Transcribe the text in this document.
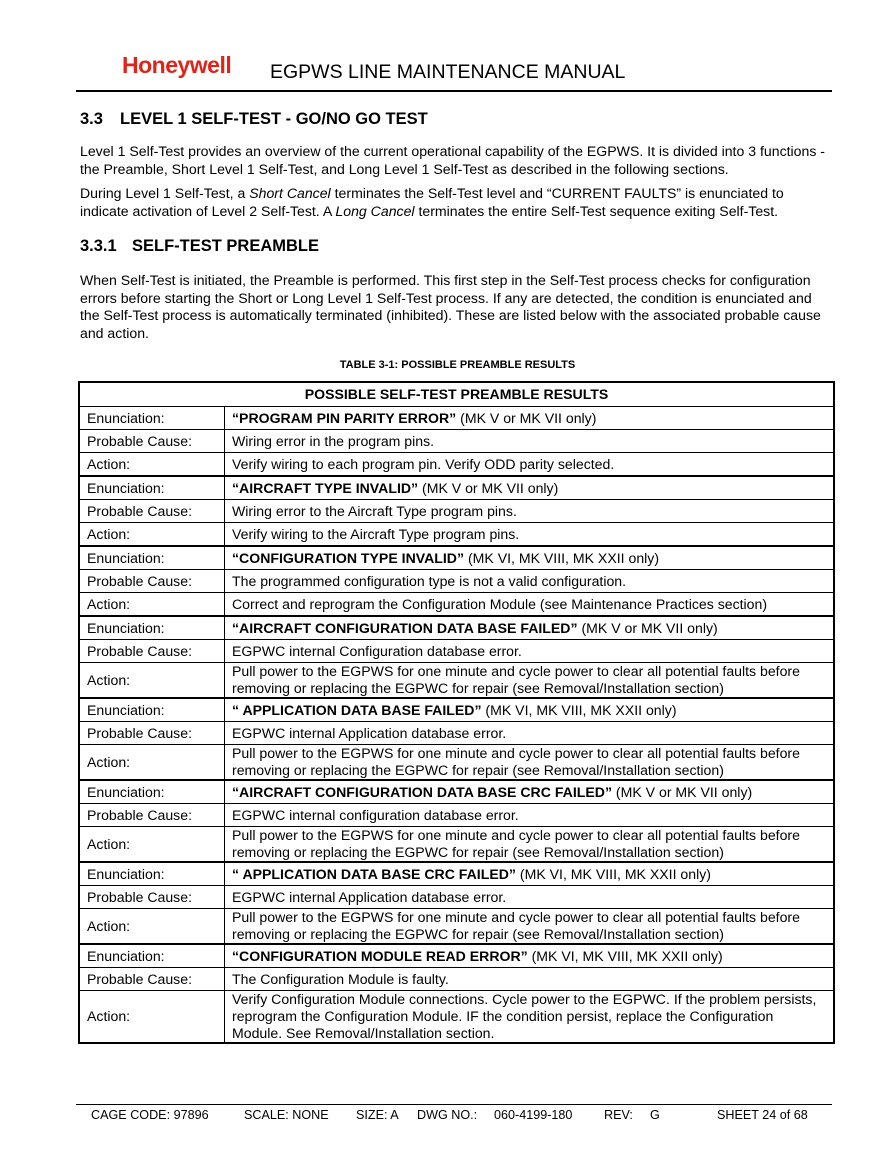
Honeywell EGPWS LINE MAINTENANCE MANUAL
3.3 LEVEL 1 SELF-TEST - GO/NO GO TEST

Level 1 Self-Test provides an overview of the current operational capability of the EGPWS. It is divided into 3 functions - the Preamble, Short Level 1 Self-Test, and Long Level 1 Self-Test as described in the following sections.

During Level 1 Self-Test, a Short Cancel terminates the Self-Test level and “CURRENT FAULTS” is enunciated to indicate activation of Level 2 Self-Test. A Long Cancel terminates the entire Self-Test sequence exiting Self-Test.

3.3.1 SELF-TEST PREAMBLE

When Self-Test is initiated, the Preamble is performed. This first step in the Self-Test process checks for configuration errors before starting the Short or Long Level 1 Self-Test process. If any are detected, the condition is enunciated and the Self-Test process is automatically terminated (inhibited). These are listed below with the associated probable cause and action.

TABLE 3-1: POSSIBLE PREAMBLE RESULTS
POSSIBLE SELF-TEST PREAMBLE RESULTS	
Enunciation:	“PROGRAM PIN PARITY ERROR” (MK V or MK VII only)
Probable Cause:	Wiring error in the program pins.
Action:	Verify wiring to each program pin. Verify ODD parity selected.
Enunciation:	“AIRCRAFT TYPE INVALID” (MK V or MK VII only)
Probable Cause:	Wiring error to the Aircraft Type program pins.
Action:	Verify wiring to the Aircraft Type program pins.
Enunciation:	“CONFIGURATION TYPE INVALID” (MK VI, MK VIII, MK XXII only)
Probable Cause:	The programmed configuration type is not a valid configuration.
Action:	Correct and reprogram the Configuration Module (see Maintenance Practices section)
Enunciation:	“AIRCRAFT CONFIGURATION DATA BASE FAILED” (MK V or MK VII only)
Probable Cause:	EGPWC internal Configuration database error.
Action:	Pull power to the EGPWS for one minute and cycle power to clear all potential faults before removing or replacing the EGPWC for repair (see Removal/Installation section)
Enunciation:	“ APPLICATION DATA BASE FAILED” (MK VI, MK VIII, MK XXII only)
Probable Cause:	EGPWC internal Application database error.
Action:	Pull power to the EGPWS for one minute and cycle power to clear all potential faults before removing or replacing the EGPWC for repair (see Removal/Installation section)
Enunciation:	“AIRCRAFT CONFIGURATION DATA BASE CRC FAILED” (MK V or MK VII only)
Probable Cause:	EGPWC internal configuration database error.
Action:	Pull power to the EGPWS for one minute and cycle power to clear all potential faults before removing or replacing the EGPWC for repair (see Removal/Installation section)
Enunciation:	“ APPLICATION DATA BASE CRC FAILED” (MK VI, MK VIII, MK XXII only)
Probable Cause:	EGPWC internal Application database error.
Action:	Pull power to the EGPWS for one minute and cycle power to clear all potential faults before removing or replacing the EGPWC for repair (see Removal/Installation section)
Enunciation:	“CONFIGURATION MODULE READ ERROR” (MK VI, MK VIII, MK XXII only)
Probable Cause:	The Configuration Module is faulty.
Action:	Verify Configuration Module connections. Cycle power to the EGPWC. If the problem persists, reprogram the Configuration Module. IF the condition persist, replace the Configuration Module. See Removal/Installation section.
CAGE CODE: 97896	SCALE: NONE SIZE: A DWG NO.: 060-4199-180	REV: G	SHEET 24 of 68
